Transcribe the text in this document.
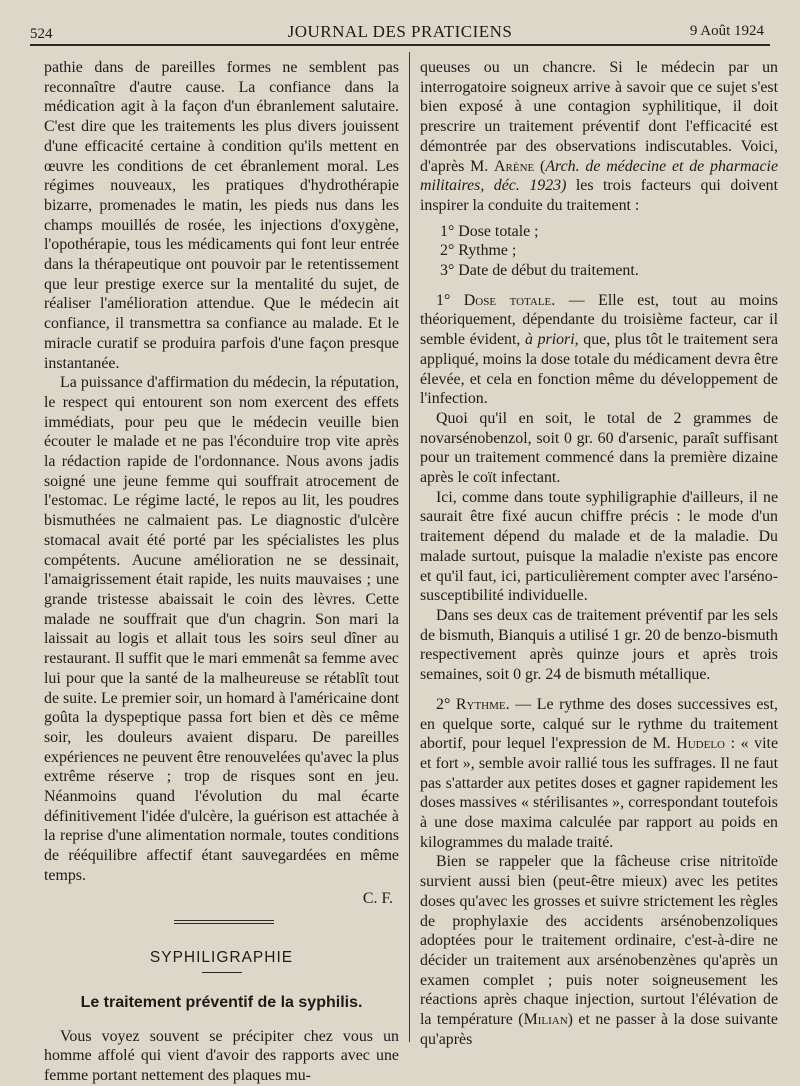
524	JOURNAL DES PRATICIENS	9 Août 1924

pathie dans de pareilles formes ne semblent pas reconnaître d'autre cause. La confiance dans la médication agit à la façon d'un ébranlement salutaire. C'est dire que les traitements les plus divers jouissent d'une efficacité certaine à condition qu'ils mettent en œuvre les conditions de cet ébranlement moral. Les régimes nouveaux, les pratiques d'hydrothérapie bizarre, promenades le matin, les pieds nus dans les champs mouillés de rosée, les injections d'oxygène, l'opothérapie, tous les médicaments qui font leur entrée dans la thérapeutique ont pouvoir par le retentissement que leur prestige exerce sur la mentalité du sujet, de réaliser l'amélioration attendue. Que le médecin ait confiance, il transmettra sa confiance au malade. Et le miracle curatif se produira parfois d'une façon presque instantanée.

La puissance d'affirmation du médecin, la réputation, le respect qui entourent son nom exercent des effets immédiats, pour peu que le médecin veuille bien écouter le malade et ne pas l'éconduire trop vite après la rédaction rapide de l'ordonnance. Nous avons jadis soigné une jeune femme qui souffrait atrocement de l'estomac. Le régime lacté, le repos au lit, les poudres bismuthées ne calmaient pas. Le diagnostic d'ulcère stomacal avait été porté par les spécialistes les plus compétents. Aucune amélioration ne se dessinait, l'amaigrissement était rapide, les nuits mauvaises ; une grande tristesse abaissait le coin des lèvres. Cette malade ne souffrait que d'un chagrin. Son mari la laissait au logis et allait tous les soirs seul dîner au restaurant. Il suffit que le mari emmenât sa femme avec lui pour que la santé de la malheureuse se rétablît tout de suite. Le premier soir, un homard à l'américaine dont goûta la dyspeptique passa fort bien et dès ce même soir, les douleurs avaient disparu. De pareilles expériences ne peuvent être renouvelées qu'avec la plus extrême réserve ; trop de risques sont en jeu. Néanmoins quand l'évolution du mal écarte définitivement l'idée d'ulcère, la guérison est attachée à la reprise d'une alimentation normale, toutes conditions de rééquilibre affectif étant sauvegardées en même temps.

C. F.

SYPHILIGRAPHIE

Le traitement préventif de la syphilis.

Vous voyez souvent se précipiter chez vous un homme affolé qui vient d'avoir des rapports avec une femme portant nettement des plaques mu-

queuses ou un chancre. Si le médecin par un interrogatoire soigneux arrive à savoir que ce sujet s'est bien exposé à une contagion syphilitique, il doit prescrire un traitement préventif dont l'efficacité est démontrée par des observations indiscutables. Voici, d'après M. Arène (Arch. de médecine et de pharmacie militaires, déc. 1923) les trois facteurs qui doivent inspirer la conduite du traitement :

1° Dose totale ;
2° Rythme ;
3° Date de début du traitement.

1° Dose totale. — Elle est, tout au moins théoriquement, dépendante du troisième facteur, car il semble évident, à priori, que, plus tôt le traitement sera appliqué, moins la dose totale du médicament devra être élevée, et cela en fonction même du développement de l'infection.

Quoi qu'il en soit, le total de 2 grammes de novarsénobenzol, soit 0 gr. 60 d'arsenic, paraît suffisant pour un traitement commencé dans la première dizaine après le coït infectant.

Ici, comme dans toute syphiligraphie d'ailleurs, il ne saurait être fixé aucun chiffre précis : le mode d'un traitement dépend du malade et de la maladie. Du malade surtout, puisque la maladie n'existe pas encore et qu'il faut, ici, particulièrement compter avec l'arséno-susceptibilité individuelle.

Dans ses deux cas de traitement préventif par les sels de bismuth, Bianquis a utilisé 1 gr. 20 de benzo-bismuth respectivement après quinze jours et après trois semaines, soit 0 gr. 24 de bismuth métallique.

2° Rythme. — Le rythme des doses successives est, en quelque sorte, calqué sur le rythme du traitement abortif, pour lequel l'expression de M. Hudelo : « vite et fort », semble avoir rallié tous les suffrages. Il ne faut pas s'attarder aux petites doses et gagner rapidement les doses massives « stérilisantes », correspondant toutefois à une dose maxima calculée par rapport au poids en kilogrammes du malade traité.

Bien se rappeler que la fâcheuse crise nitritoïde survient aussi bien (peut-être mieux) avec les petites doses qu'avec les grosses et suivre strictement les règles de prophylaxie des accidents arsénobenzoliques adoptées pour le traitement ordinaire, c'est-à-dire ne décider un traitement aux arsénobenzènes qu'après un examen complet ; puis noter soigneusement les réactions après chaque injection, surtout l'élévation de la température (Milian) et ne passer à la dose suivante qu'après
